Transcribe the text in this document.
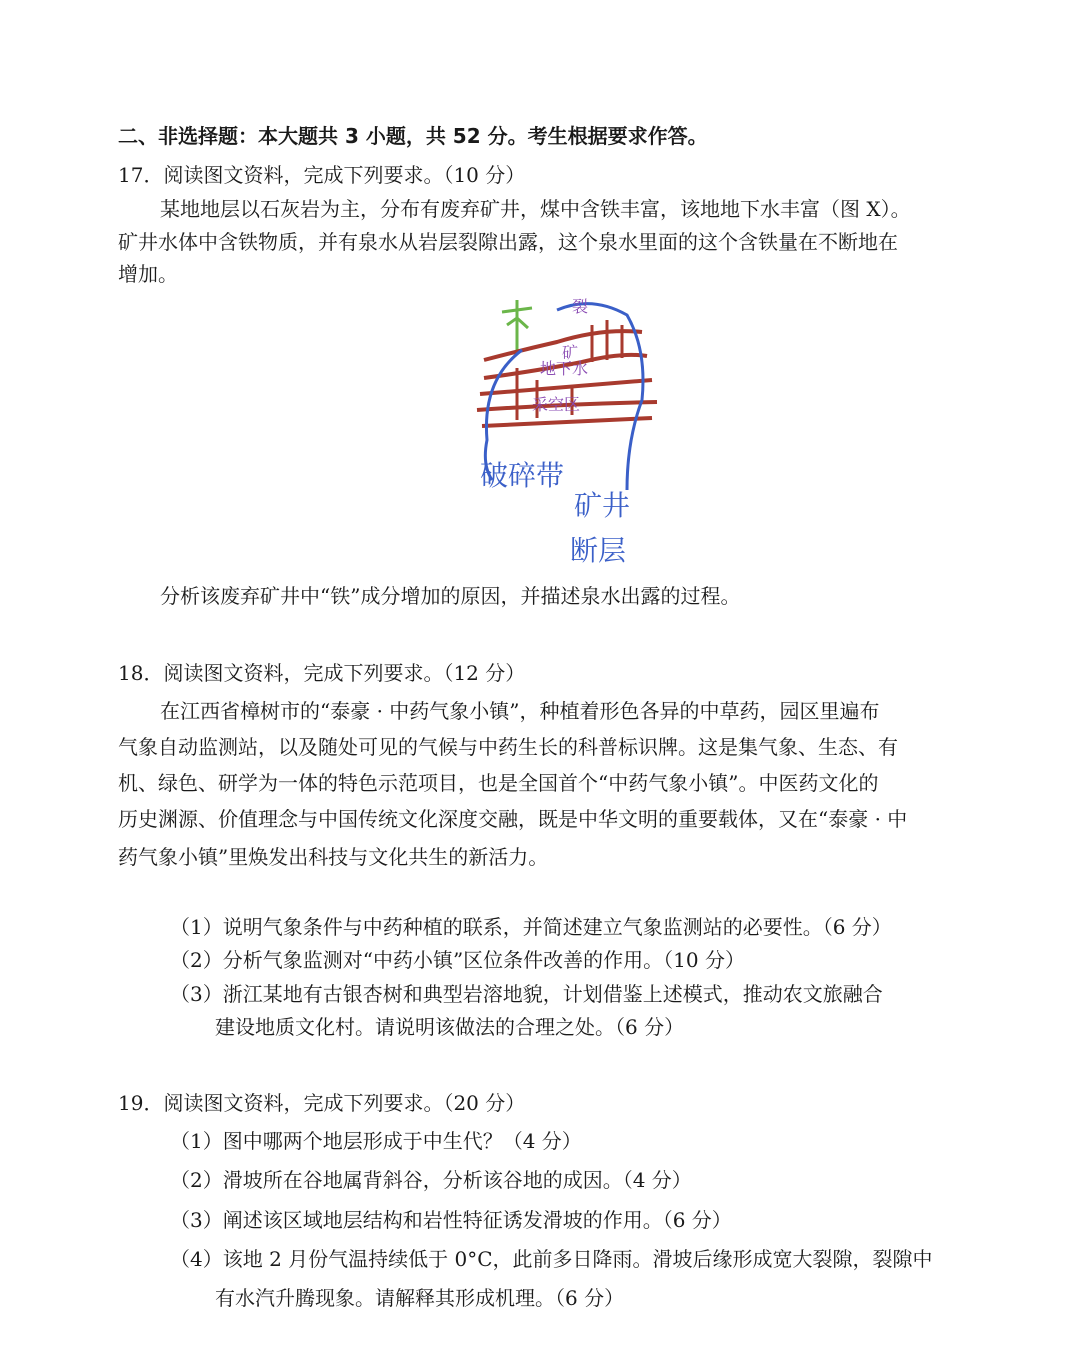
二、非选择题：本大题共 3 小题，共 52 分。考生根据要求作答。
17．阅读图文资料，完成下列要求。（10 分）
某地地层以石灰岩为主，分布有废弃矿井，煤中含铁丰富，该地地下水丰富（图 X）。
矿井水体中含铁物质，并有泉水从岩层裂隙出露，这个泉水里面的这个含铁量在不断地在
增加。
地下水
矿
采空区
裂
破碎带
矿井
断层
分析该废弃矿井中“铁”成分增加的原因，并描述泉水出露的过程。
18．阅读图文资料，完成下列要求。（12 分）
在江西省樟树市的“泰豪 · 中药气象小镇”，种植着形色各异的中草药，园区里遍布
气象自动监测站，以及随处可见的气候与中药生长的科普标识牌。这是集气象、生态、有
机、绿色、研学为一体的特色示范项目，也是全国首个“中药气象小镇”。中医药文化的
历史渊源、价值理念与中国传统文化深度交融，既是中华文明的重要载体，又在“泰豪 · 中
药气象小镇”里焕发出科技与文化共生的新活力。
（1）说明气象条件与中药种植的联系，并简述建立气象监测站的必要性。（6 分）
（2）分析气象监测对“中药小镇”区位条件改善的作用。（10 分）
（3）浙江某地有古银杏树和典型岩溶地貌，计划借鉴上述模式，推动农文旅融合
建设地质文化村。请说明该做法的合理之处。（6 分）
19．阅读图文资料，完成下列要求。（20 分）
（1）图中哪两个地层形成于中生代？（4 分）
（2）滑坡所在谷地属背斜谷，分析该谷地的成因。（4 分）
（3）阐述该区域地层结构和岩性特征诱发滑坡的作用。（6 分）
（4）该地 2 月份气温持续低于 0°C，此前多日降雨。滑坡后缘形成宽大裂隙，裂隙中
有水汽升腾现象。请解释其形成机理。（6 分）
